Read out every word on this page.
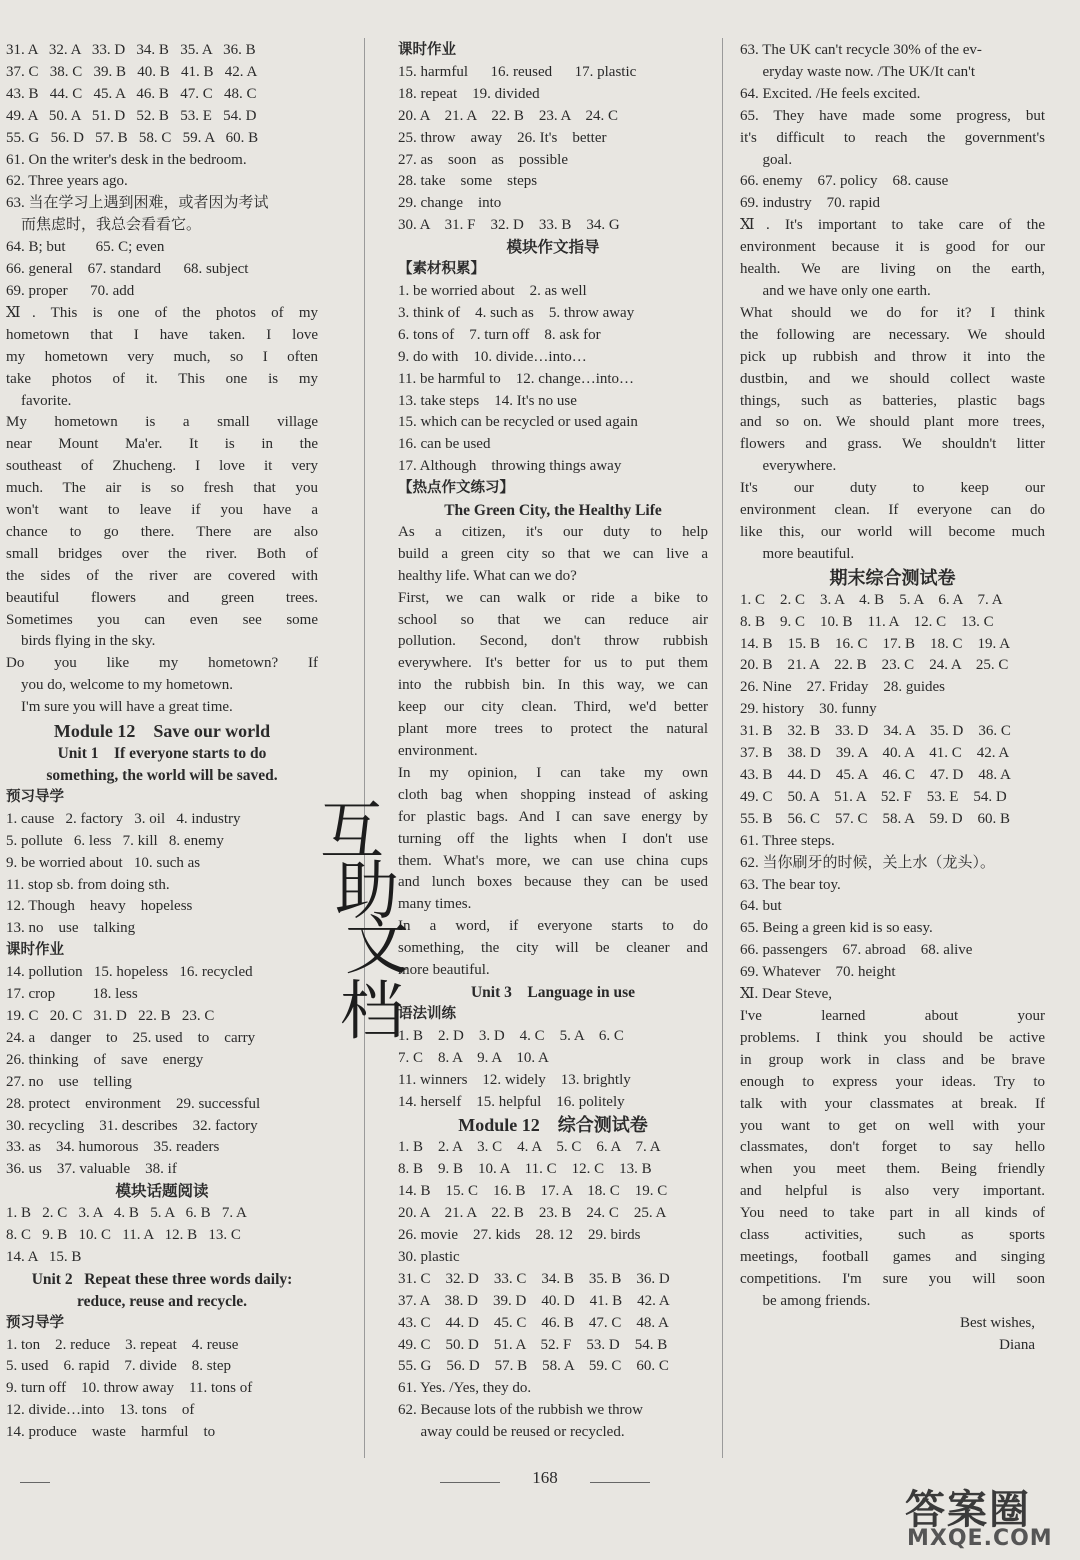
31. A   32. A   33. D   34. B   35. A   36. B
37. C   38. C   39. B   40. B   41. B   42. A
43. B   44. C   45. A   46. B   47. C   48. C
49. A   50. A   51. D   52. B   53. E   54. D
55. G   56. D   57. B   58. C   59. A   60. B
61. On the writer's desk in the bedroom.
62. Three years ago.
63. 当在学习上遇到困难，或者因为考试
而焦虑时，我总会看看它。
64. B; but        65. C; even
66. general    67. standard      68. subject
69. proper      70. add
Ⅺ. This is one of the photos of my
hometown that I have taken. I love
my hometown very much, so I often
take photos of it. This one is my
favorite.
My hometown is a small village
near Mount Ma'er. It is in the
southeast of Zhucheng. I love it very
much. The air is so fresh that you
won't want to leave if you have a
chance to go there. There are also
small bridges over the river. Both of
the sides of the river are covered with
beautiful flowers and green trees.
Sometimes you can even see some
birds flying in the sky.
Do you like my hometown? If
you do, welcome to my hometown.
I'm sure you will have a great time.
Module 12    Save our world
Unit 1    If everyone starts to do
something, the world will be saved.
预习导学
1. cause   2. factory   3. oil   4. industry
5. pollute   6. less   7. kill   8. enemy
9. be worried about   10. such as
11. stop sb. from doing sth.
12. Though    heavy    hopeless
13. no    use    talking
课时作业
14. pollution   15. hopeless   16. recycled
17. crop          18. less
19. C   20. C   31. D   22. B   23. C
24. a    danger    to    25. used    to    carry
26. thinking    of    save    energy
27. no    use    telling
28. protect    environment    29. successful
30. recycling    31. describes    32. factory
33. as    34. humorous    35. readers
36. us    37. valuable    38. if
模块话题阅读
1. B   2. C   3. A   4. B   5. A   6. B   7. A
8. C   9. B   10. C   11. A   12. B   13. C
14. A   15. B
Unit 2   Repeat these three words daily:
reduce, reuse and recycle.
预习导学
1. ton    2. reduce    3. repeat    4. reuse
5. used    6. rapid    7. divide    8. step
9. turn off    10. throw away    11. tons of
12. divide…into    13. tons    of
14. produce    waste    harmful    to
课时作业
15. harmful      16. reused      17. plastic
18. repeat    19. divided
20. A    21. A    22. B    23. A    24. C
25. throw    away    26. It's    better
27. as    soon    as    possible
28. take    some    steps
29. change    into
30. A    31. F    32. D    33. B    34. G
模块作文指导
【素材积累】
1. be worried about    2. as well
3. think of    4. such as    5. throw away
6. tons of    7. turn off    8. ask for
9. do with    10. divide…into…
11. be harmful to    12. change…into…
13. take steps    14. It's no use
15. which can be recycled or used again
16. can be used
17. Although    throwing things away
【热点作文练习】
The Green City, the Healthy Life
As a citizen, it's our duty to help
build a green city so that we can live a
healthy life. What can we do?
First, we can walk or ride a bike to
school so that we can reduce air
pollution. Second, don't throw rubbish
everywhere. It's better for us to put them
into the rubbish bin. In this way, we can
keep our city clean. Third, we'd better
plant more trees to protect the natural
environment.
In my opinion, I can take my own
cloth bag when shopping instead of asking
for plastic bags. And I can save energy by
turning off the lights when I don't use
them. What's more, we can use china cups
and lunch boxes because they can be used
many times.
In a word, if everyone starts to do
something, the city will be cleaner and
more beautiful.
Unit 3    Language in use
语法训练
1. B    2. D    3. D    4. C    5. A    6. C
7. C    8. A    9. A    10. A
11. winners    12. widely    13. brightly
14. herself    15. helpful    16. politely
Module 12    综合测试卷
1. B    2. A    3. C    4. A    5. C    6. A    7. A
8. B    9. B    10. A    11. C    12. C    13. B
14. B    15. C    16. B    17. A    18. C    19. C
20. A    21. A    22. B    23. B    24. C    25. A
26. movie    27. kids    28. 12    29. birds
30. plastic
31. C    32. D    33. C    34. B    35. B    36. D
37. A    38. D    39. D    40. D    41. B    42. A
43. C    44. D    45. C    46. B    47. C    48. A
49. C    50. D    51. A    52. F    53. D    54. B
55. G    56. D    57. B    58. A    59. C    60. C
61. Yes. /Yes, they do.
62. Because lots of the rubbish we throw
away could be reused or recycled.
63. The UK can't recycle 30% of the ev-
eryday waste now. /The UK/It can't
64. Excited. /He feels excited.
65. They have made some progress, but
it's difficult to reach the government's
goal.
66. enemy    67. policy    68. cause
69. industry    70. rapid
Ⅺ. It's important to take care of the
environment because it is good for our
health. We are living on the earth,
and we have only one earth.
What should we do for it? I think
the following are necessary. We should
pick up rubbish and throw it into the
dustbin, and we should collect waste
things, such as batteries, plastic bags
and so on. We should plant more trees,
flowers and grass. We shouldn't litter
everywhere.
It's our duty to keep our
environment clean. If everyone can do
like this, our world will become much
more beautiful.
期末综合测试卷
1. C    2. C    3. A    4. B    5. A    6. A    7. A
8. B    9. C    10. B    11. A    12. C    13. C
14. B    15. B    16. C    17. B    18. C    19. A
20. B    21. A    22. B    23. C    24. A    25. C
26. Nine    27. Friday    28. guides
29. history    30. funny
31. B    32. B    33. D    34. A    35. D    36. C
37. B    38. D    39. A    40. A    41. C    42. A
43. B    44. D    45. A    46. C    47. D    48. A
49. C    50. A    51. A    52. F    53. E    54. D
55. B    56. C    57. C    58. A    59. D    60. B
61. Three steps.
62. 当你刷牙的时候，关上水（龙头）。
63. The bear toy.
64. but
65. Being a green kid is so easy.
66. passengers    67. abroad    68. alive
69. Whatever    70. height
Ⅺ. Dear Steve,
I've learned about your
problems. I think you should be active
in group work in class and be brave
enough to express your ideas. Try to
talk with your classmates at break. If
you want to get on well with your
classmates, don't forget to say hello
when you meet them. Being friendly
and helpful is also very important.
You need to take part in all kinds of
class activities, such as sports
meetings, football games and singing
competitions. I'm sure you will soon
be among friends.
Best wishes,
Diana
互
助
文
档
168
答案圈
MXQE.COM
